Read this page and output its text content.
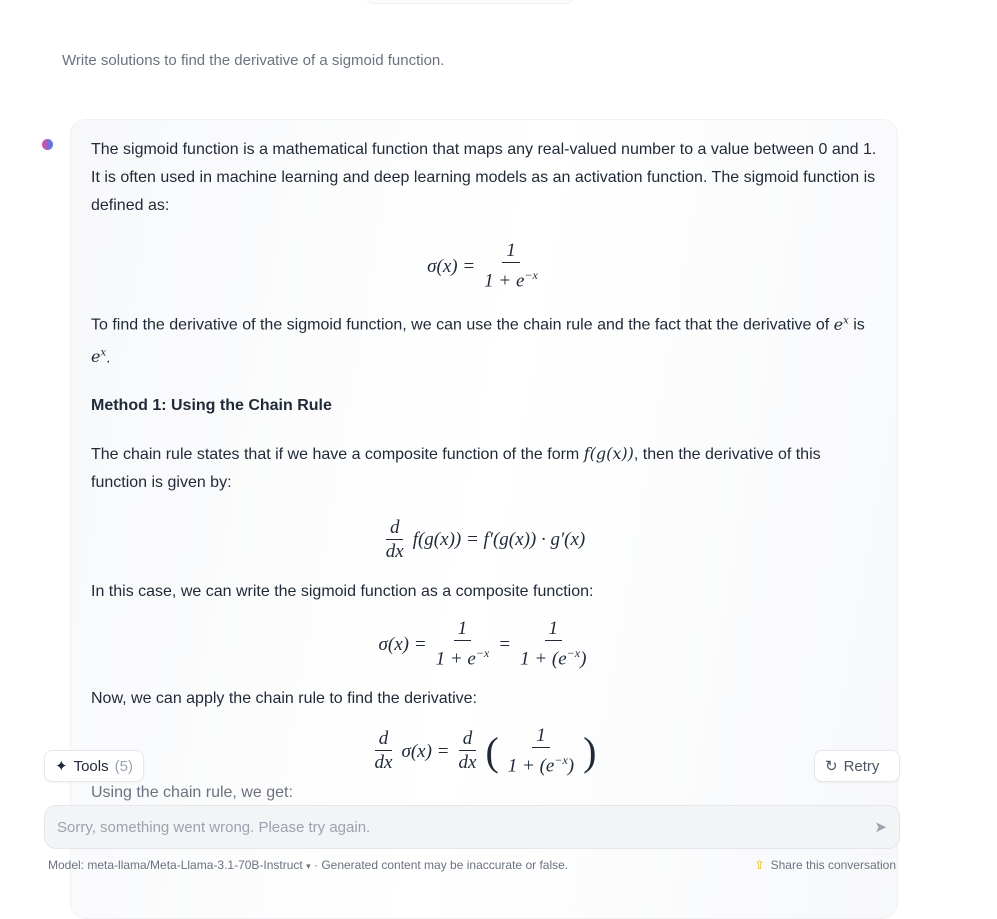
Write solutions to find the derivative of a sigmoid function.

The sigmoid function is a mathematical function that maps any real-valued number to a value between 0 and 1. It is often used in machine learning and deep learning models as an activation function. The sigmoid function is defined as:

$\sigma(x) = \frac{1}{1 + e^{-x}}$

To find the derivative of the sigmoid function, we can use the chain rule and the fact that the derivative of $e^x$ is $e^x$.

Method 1: Using the Chain Rule

The chain rule states that if we have a composite function of the form f(g(x)), then the derivative of this function is given by:

$\frac{d}{dx} f(g(x)) = f'(g(x)) \cdot g'(x)$

In this case, we can write the sigmoid function as a composite function:

$\sigma(x) = \frac{1}{1 + e^{-x}} = \frac{1}{1 + (e^{-x})}$

Now, we can apply the chain rule to find the derivative:

$\frac{d}{dx} \sigma(x) = \frac{d}{dx}$ ( $\frac{1}{1 + (e^{-x})}$ )
Using the chain rule, we get:
✦ Tools (5)	↻ Retry
Sorry, something went wrong. Please try again.	➤
Model: meta-llama/Meta-Llama-3.1-70B-Instruct ▾ · Generated content may be inaccurate or false.	⇧ Share this conversation
